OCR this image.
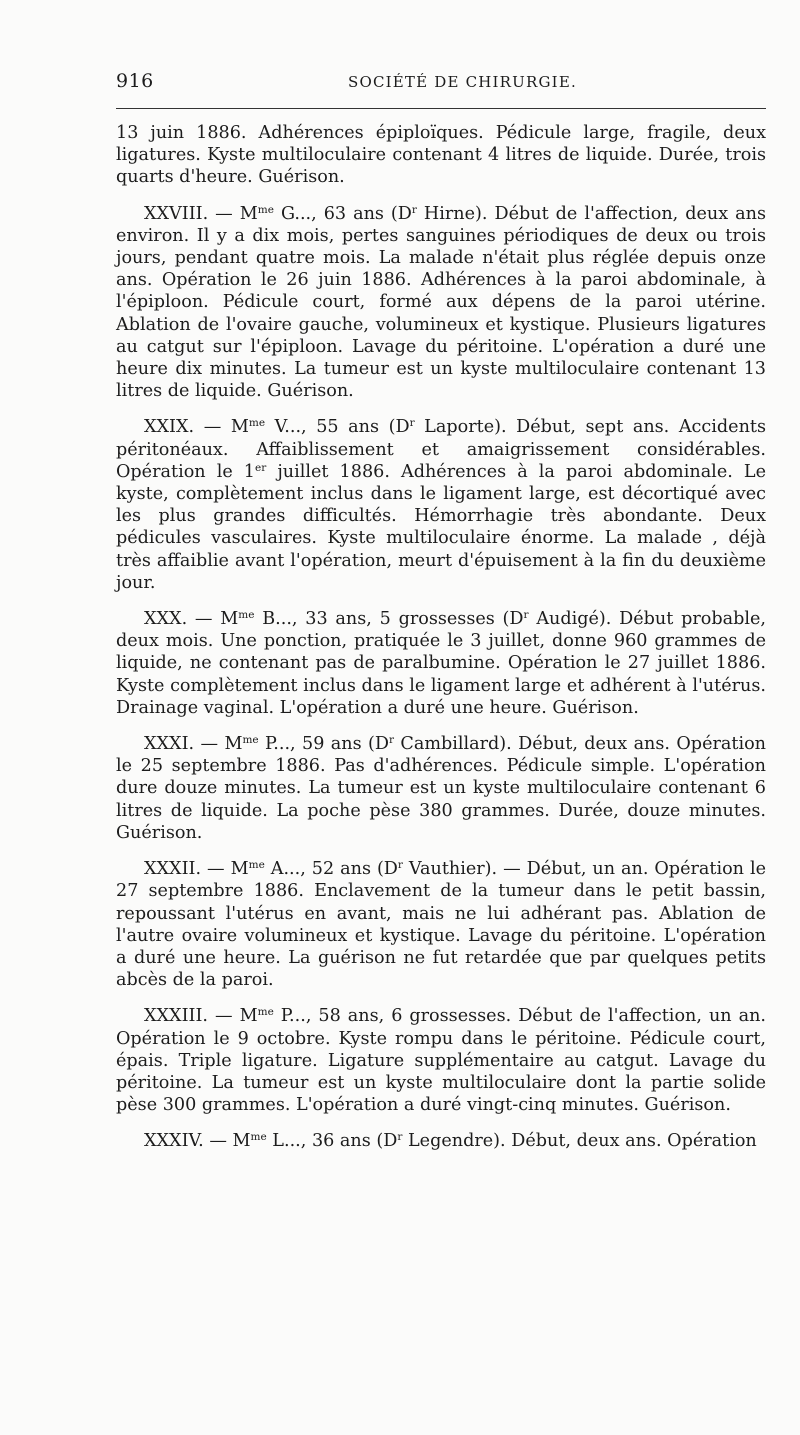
916	SOCIÉTÉ DE CHIRURGIE.

13 juin 1886. Adhérences épiploïques. Pédicule large, fragile, deux ligatures. Kyste multiloculaire contenant 4 litres de liquide. Durée, trois quarts d'heure. Guérison.

XXVIII. — $M^{me}$ G..., 63 ans ($D^r$ Hirne). Début de l'affection, deux ans environ. Il y a dix mois, pertes sanguines périodiques de deux ou trois jours, pendant quatre mois. La malade n'était plus réglée depuis onze ans. Opération le 26 juin 1886. Adhérences à la paroi abdominale, à l'épiploon. Pédicule court, formé aux dépens de la paroi utérine. Ablation de l'ovaire gauche, volumineux et kystique. Plusieurs ligatures au catgut sur l'épiploon. Lavage du péritoine. L'opération a duré une heure dix minutes. La tumeur est un kyste multiloculaire contenant 13 litres de liquide. Guérison.

XXIX. — $M^{me}$ V..., 55 ans ($D^r$ Laporte). Début, sept ans. Accidents péritonéaux. Affaiblissement et amaigrissement considérables. Opération le 1er juillet 1886. Adhérences à la paroi abdominale. Le kyste, complètement inclus dans le ligament large, est décortiqué avec les plus grandes difficultés. Hémorrhagie très abondante. Deux pédicules vasculaires. Kyste multiloculaire énorme. La malade , déjà très affaiblie avant l'opération, meurt d'épuisement à la fin du deuxième jour.

XXX. — $M^{me}$ B..., 33 ans, 5 grossesses ($D^r$ Audigé). Début probable, deux mois. Une ponction, pratiquée le 3 juillet, donne 960 grammes de liquide, ne contenant pas de paralbumine. Opération le 27 juillet 1886. Kyste complètement inclus dans le ligament large et adhérent à l'utérus. Drainage vaginal. L'opération a duré une heure. Guérison.

XXXI. — $M^{me}$ P..., 59 ans ($D^r$ Cambillard). Début, deux ans. Opération le 25 septembre 1886. Pas d'adhérences. Pédicule simple. L'opération dure douze minutes. La tumeur est un kyste multiloculaire contenant 6 litres de liquide. La poche pèse 380 grammes. Durée, douze minutes. Guérison.

XXXII. — $M^{me}$ A..., 52 ans ($D^r$ Vauthier). — Début, un an. Opération le 27 septembre 1886. Enclavement de la tumeur dans le petit bassin, repoussant l'utérus en avant, mais ne lui adhérant pas. Ablation de l'autre ovaire volumineux et kystique. Lavage du péritoine. L'opération a duré une heure. La guérison ne fut retardée que par quelques petits abcès de la paroi.

XXXIII. — $M^{me}$ P..., 58 ans, 6 grossesses. Début de l'affection, un an. Opération le 9 octobre. Kyste rompu dans le péritoine. Pédicule court, épais. Triple ligature. Ligature supplémentaire au catgut. Lavage du péritoine. La tumeur est un kyste multiloculaire dont la partie solide pèse 300 grammes. L'opération a duré vingt-cinq minutes. Guérison.

XXXIV. — $M^{me}$ L..., 36 ans ($D^r$ Legendre). Début, deux ans. Opération
